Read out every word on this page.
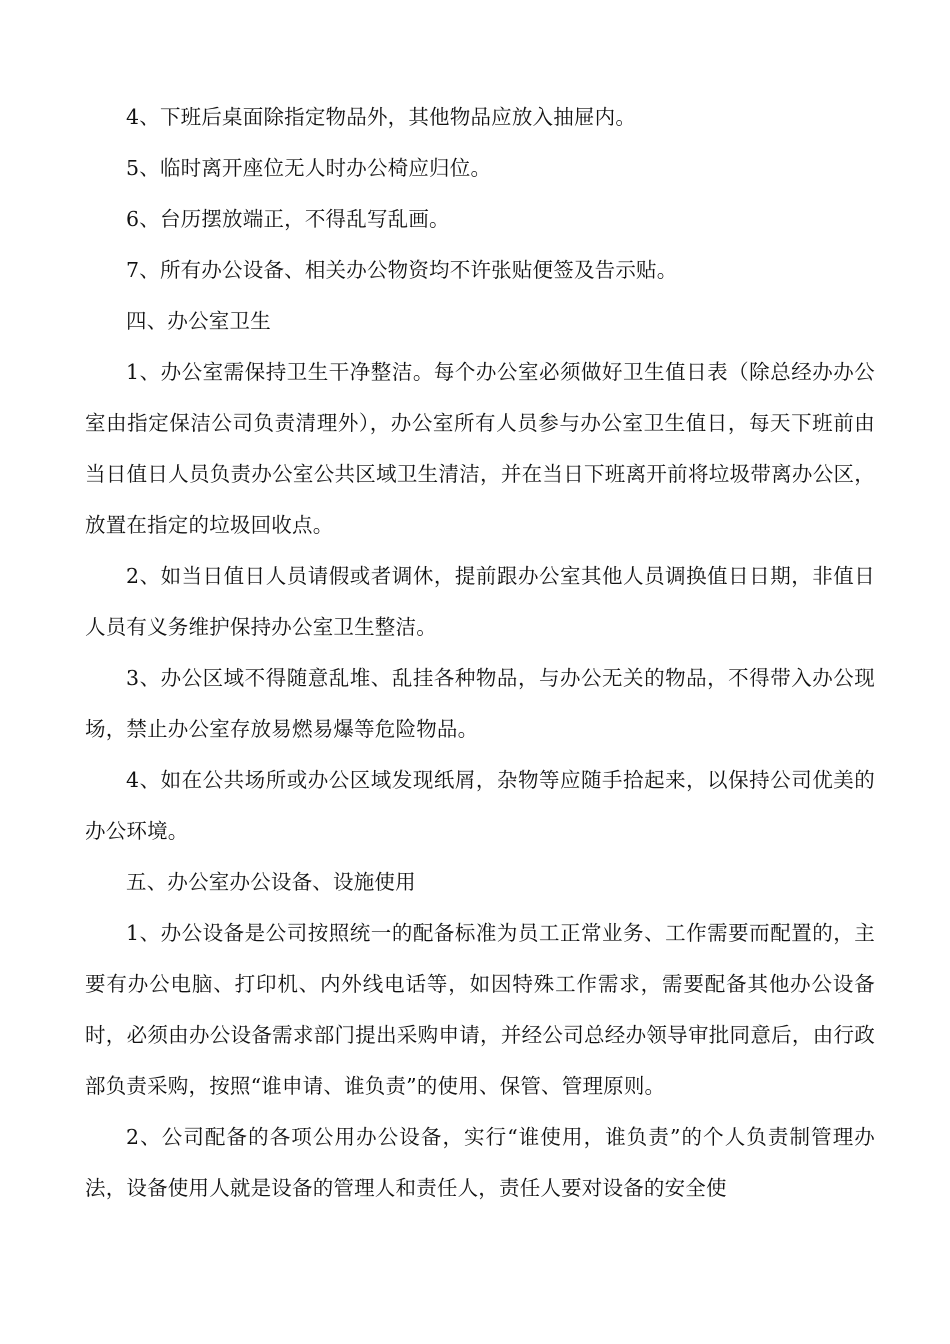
4、下班后桌面除指定物品外，其他物品应放入抽屉内。

5、临时离开座位无人时办公椅应归位。

6、台历摆放端正，不得乱写乱画。

7、所有办公设备、相关办公物资均不许张贴便签及告示贴。

四、办公室卫生

1、办公室需保持卫生干净整洁。每个办公室必须做好卫生值日表（除总经办办公室由指定保洁公司负责清理外），办公室所有人员参与办公室卫生值日，每天下班前由当日值日人员负责办公室公共区域卫生清洁，并在当日下班离开前将垃圾带离办公区，放置在指定的垃圾回收点。

2、如当日值日人员请假或者调休，提前跟办公室其他人员调换值日日期，非值日人员有义务维护保持办公室卫生整洁。

3、办公区域不得随意乱堆、乱挂各种物品，与办公无关的物品，不得带入办公现场，禁止办公室存放易燃易爆等危险物品。

4、如在公共场所或办公区域发现纸屑，杂物等应随手拾起来，以保持公司优美的办公环境。

五、办公室办公设备、设施使用

1、办公设备是公司按照统一的配备标准为员工正常业务、工作需要而配置的，主要有办公电脑、打印机、内外线电话等，如因特殊工作需求，需要配备其他办公设备时，必须由办公设备需求部门提出采购申请，并经公司总经办领导审批同意后，由行政部负责采购，按照“谁申请、谁负责”的使用、保管、管理原则。

2、公司配备的各项公用办公设备，实行“谁使用，谁负责”的个人负责制管理办法，设备使用人就是设备的管理人和责任人，责任人要对设备的安全使
